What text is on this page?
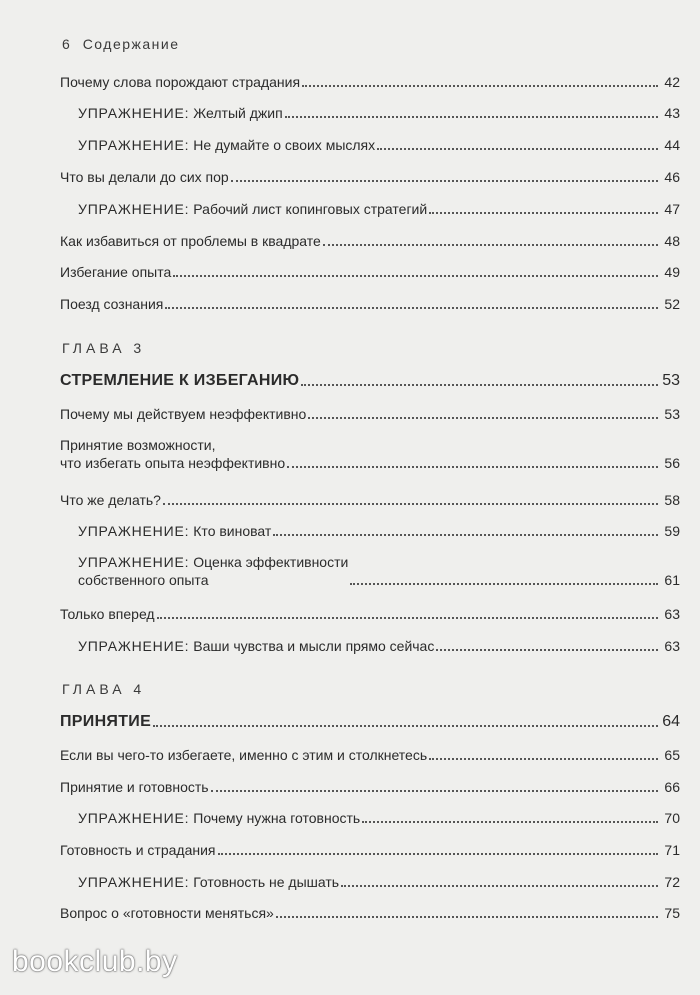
6 Содержание
ГЛАВА 3
ГЛАВА 4
Почему слова порождают страдания	42
УПРАЖНЕНИЕ: Желтый джип	43
УПРАЖНЕНИЕ: Не думайте о своих мыслях	44
Что вы делали до сих пор	46
УПРАЖНЕНИЕ: Рабочий лист копинговых стратегий	47
Как избавиться от проблемы в квадрате	48
Избегание опыта	49
Поезд сознания	52
СТРЕМЛЕНИЕ К ИЗБЕГАНИЮ	53
Почему мы действуем неэффективно	53
Принятие возможности,
что избегать опыта неэффективно	56
Что же делать?	58
УПРАЖНЕНИЕ: Кто виноват	59
УПРАЖНЕНИЕ: Оценка эффективности
собственного опыта	61
Только вперед	63
УПРАЖНЕНИЕ: Ваши чувства и мысли прямо сейчас	63
ПРИНЯТИЕ	64
Если вы чего-то избегаете, именно с этим и столкнетесь	65
Принятие и готовность	66
УПРАЖНЕНИЕ: Почему нужна готовность	70
Готовность и страдания	71
УПРАЖНЕНИЕ: Готовность не дышать	72
Вопрос о «готовности меняться»	75
bookclub.by
